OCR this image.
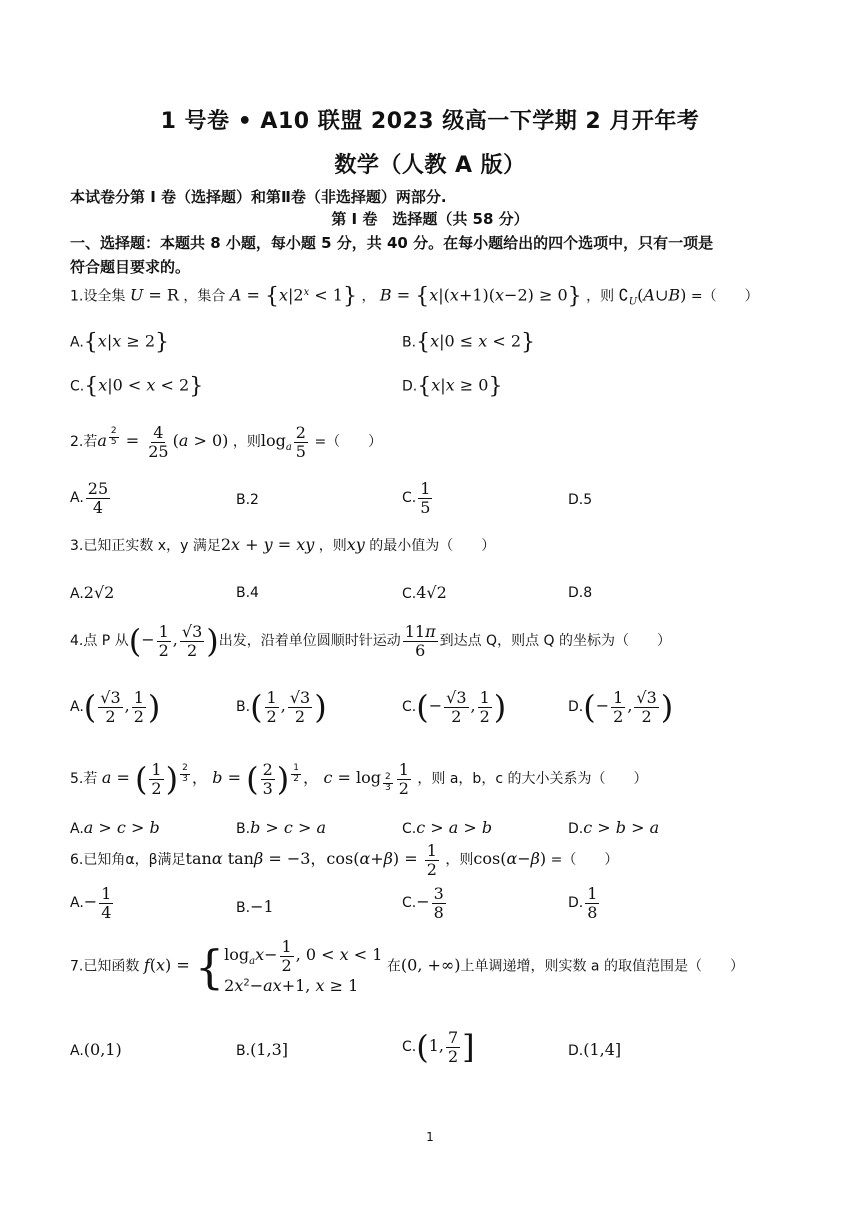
1 号卷 • A10 联盟 2023 级高一下学期 2 月开年考
数学（人教 A 版）
本试卷分第 I 卷（选择题）和第Ⅱ卷（非选择题）两部分.
第 I 卷　选择题（共 58 分）
一、选择题：本题共 8 小题，每小题 5 分，共 40 分。在每小题给出的四个选项中，只有一项是
符合题目要求的。
1.设全集 U = R ，集合 $A = \{x|2^x < 1\}$ ， B = {x|(x+1)(x−2) ≥ 0} ，则 $∁_U(A\cup B)$ =（　　）
A.{x|x ≥ 2}	B.{x|0 ≤ x < 2}
C.{x|0 < x < 2}	D.{x|x ≥ 0}
2.若a $^{\frac{2}{5}} = \frac{4}{25} (a > 0)$ ，则$\log_a \frac{2}{5}$ =（　　）
A. $\frac{25}{4}$	B.2	C. $\frac{1}{5}$	D.5
3.已知正实数 x，y 满足2x + y = xy ，则xy 的最小值为（　　）
A.2√2	B.4	C.4√2	D.8
4.点 P 从(− $\frac{1}{2}$ , $\frac{√3}{2}$ )出发，沿着单位圆顺时针运动 $\frac{11\pi}{6}$ 到达点 Q，则点 Q 的坐标为（　　）
$A.( \frac{√3}{2}$ , $\frac{1}{2}$ )	$B.( \frac{1}{2}$ , $\frac{√3}{2}$ )	$C.(- \frac{√3}{2}$ , $\frac{1}{2}$ )	$D.(- \frac{1}{2}$ , $\frac{√3}{2}$ )
5.若 a = ( $\frac{1}{2}$ ) $^{\frac{2}{3}}$ ， b = ( $\frac{2}{3}$ ) $^{\frac{1}{2}}$ ， $c = \log _{\frac{2}{3}} \frac{1}{2}$ ，则 a，b，c 的大小关系为（　　）
A.a > c > b	B.b > c > a	C.c > a > b	D.c > b > a
6.已知角α，β满足tanα tanβ = −3，$\cos(\alpha+\beta) = \frac{1}{2}$ ，则cos(α−β) =（　　）
$A.- \frac{1}{4}$	B.−1	$C.- \frac{3}{8}$	D. $\frac{1}{8}$
7.已知函数 f(x) = { $\log_ax- \frac{1}{2}$ , 0 < x < 1
$2x^2-ax+1$, x ≥ 1
在(0, +∞)上单调递增，则实数 a 的取值范围是（　　）
A.(0,1)	B.(1,3]	C.(1, $\frac{7}{2}$ ]	D.(1,4]
1
